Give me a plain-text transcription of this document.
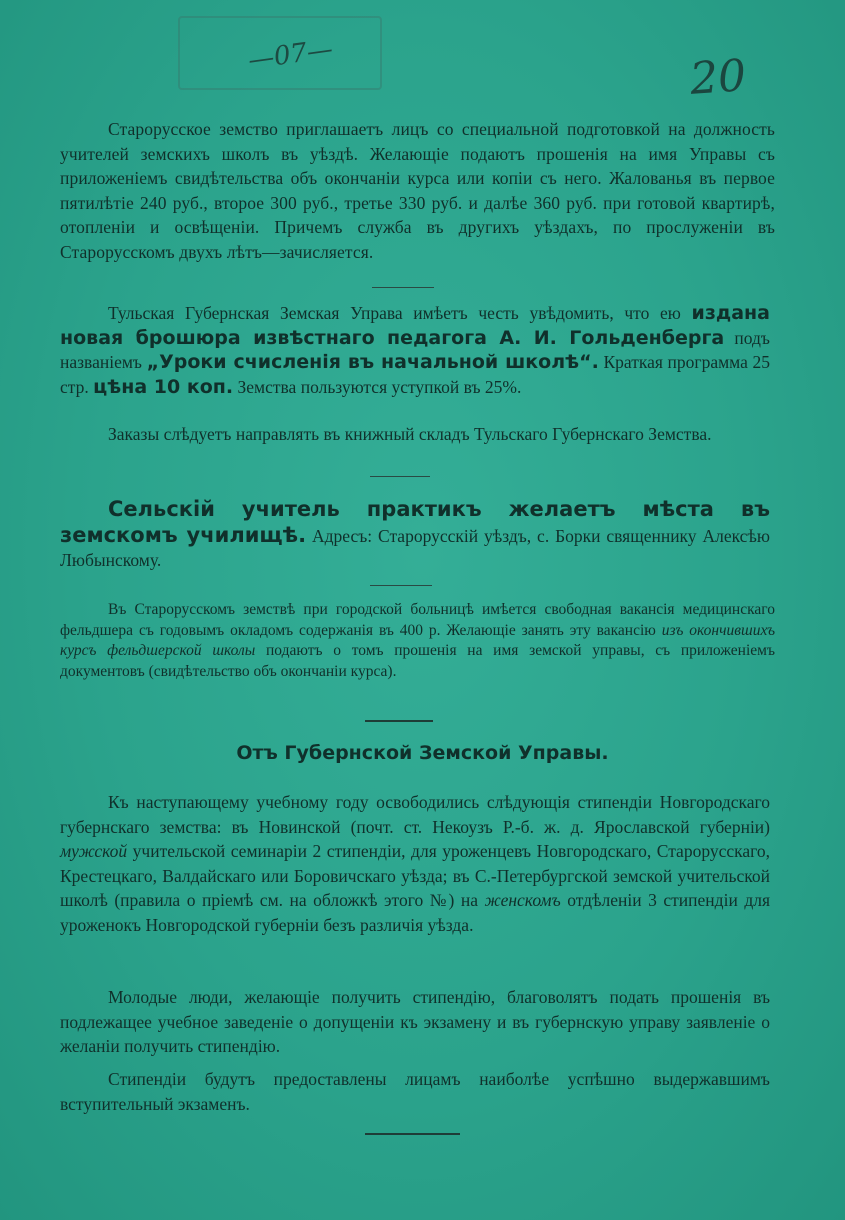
—07—	20

Старорусское земство приглашаетъ лицъ со специальной подготовкой на должность учителей земскихъ школъ въ уѣздѣ. Желающіе подаютъ прошенія на имя Управы съ приложеніемъ свидѣтельства объ окончаніи курса или копіи съ него. Жалованья въ первое пятилѣтіе 240 руб., второе 300 руб., третье 330 руб. и далѣе 360 руб. при готовой квартирѣ, отопленіи и освѣщеніи. Причемъ служба въ другихъ уѣздахъ, по прослуженіи въ Старорусскомъ двухъ лѣтъ—зачисляется.

Тульская Губернская Земская Управа имѣетъ честь увѣдомить, что ею издана новая брошюра извѣстнаго педагога А. И. Гольденберга подъ названіемъ „Уроки счисленія въ начальной школѣ“. Краткая программа 25 стр. цѣна 10 коп. Земства пользуются уступкой въ 25%.

Заказы слѣдуетъ направлять въ книжный складъ Тульскаго Губернскаго Земства.

Сельскій учитель практикъ желаетъ мѣста въ земскомъ училищѣ. Адресъ: Старорусскій уѣздъ, с. Борки священнику Алексѣю Любынскому.

Въ Старорусскомъ земствѣ при городской больницѣ имѣется свободная вакансія медицинскаго фельдшера съ годовымъ окладомъ содержанія въ 400 р. Желающіе занять эту вакансію изъ окончившихъ курсъ фельдшерской школы подаютъ о томъ прошенія на имя земской управы, съ приложеніемъ документовъ (свидѣтельство объ окончаніи курса).

Отъ Губернской Земской Управы.

Къ наступающему учебному году освободились слѣдующія стипендіи Новгородскаго губернскаго земства: въ Новинской (почт. ст. Некоузъ Р.-б. ж. д. Ярославской губерніи) мужской учительской семинаріи 2 стипендіи, для уроженцевъ Новгородскаго, Старорусскаго, Крестецкаго, Валдайскаго или Боровичскаго уѣзда; въ С.-Петербургской земской учительской школѣ (правила о пріемѣ см. на обложкѣ этого №) на женскомъ отдѣленіи 3 стипендіи для уроженокъ Новгородской губерніи безъ различія уѣзда.

Молодые люди, желающіе получить стипендію, благоволятъ подать прошенія въ подлежащее учебное заведеніе о допущеніи къ экзамену и въ губернскую управу заявленіе о желаніи получить стипендію.

Стипендіи будутъ предоставлены лицамъ наиболѣе успѣшно выдержавшимъ вступительный экзаменъ.
